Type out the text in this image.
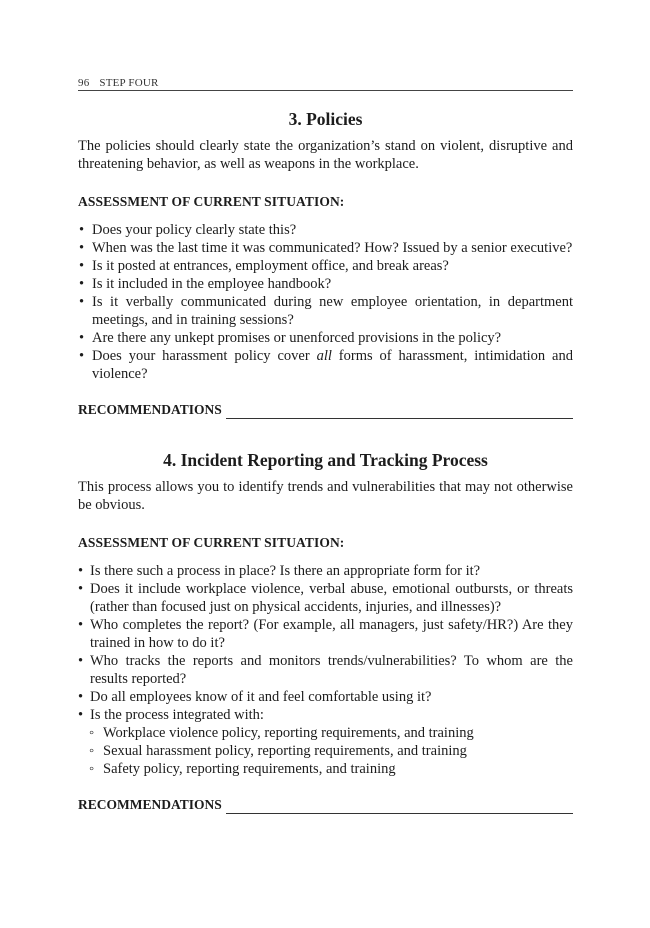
96 STEP FOUR
3. Policies

The policies should clearly state the organization’s stand on violent, disruptive and threatening behavior, as well as weapons in the workplace.

ASSESSMENT OF CURRENT SITUATION:
• Does your policy clearly state this?
• When was the last time it was communicated? How? Issued by a senior executive?
• Is it posted at entrances, employment office, and break areas?
• Is it included in the employee handbook?
• Is it verbally communicated during new employee orientation, in department meetings, and in training sessions?
• Are there any unkept promises or unenforced provisions in the policy?
• Does your harassment policy cover all forms of harassment, intimidation and violence?
RECOMMENDATIONS
4. Incident Reporting and Tracking Process

This process allows you to identify trends and vulnerabilities that may not otherwise be obvious.

ASSESSMENT OF CURRENT SITUATION:
• Is there such a process in place? Is there an appropriate form for it?
• Does it include workplace violence, verbal abuse, emotional outbursts, or threats (rather than focused just on physical accidents, injuries, and illnesses)?
• Who completes the report? (For example, all managers, just safety/HR?) Are they trained in how to do it?
• Who tracks the reports and monitors trends/vulnerabilities? To whom are the results reported?
• Do all employees know of it and feel comfortable using it?
• Is the process integrated with:
◦ Workplace violence policy, reporting requirements, and training
◦ Sexual harassment policy, reporting requirements, and training
◦ Safety policy, reporting requirements, and training
RECOMMENDATIONS
